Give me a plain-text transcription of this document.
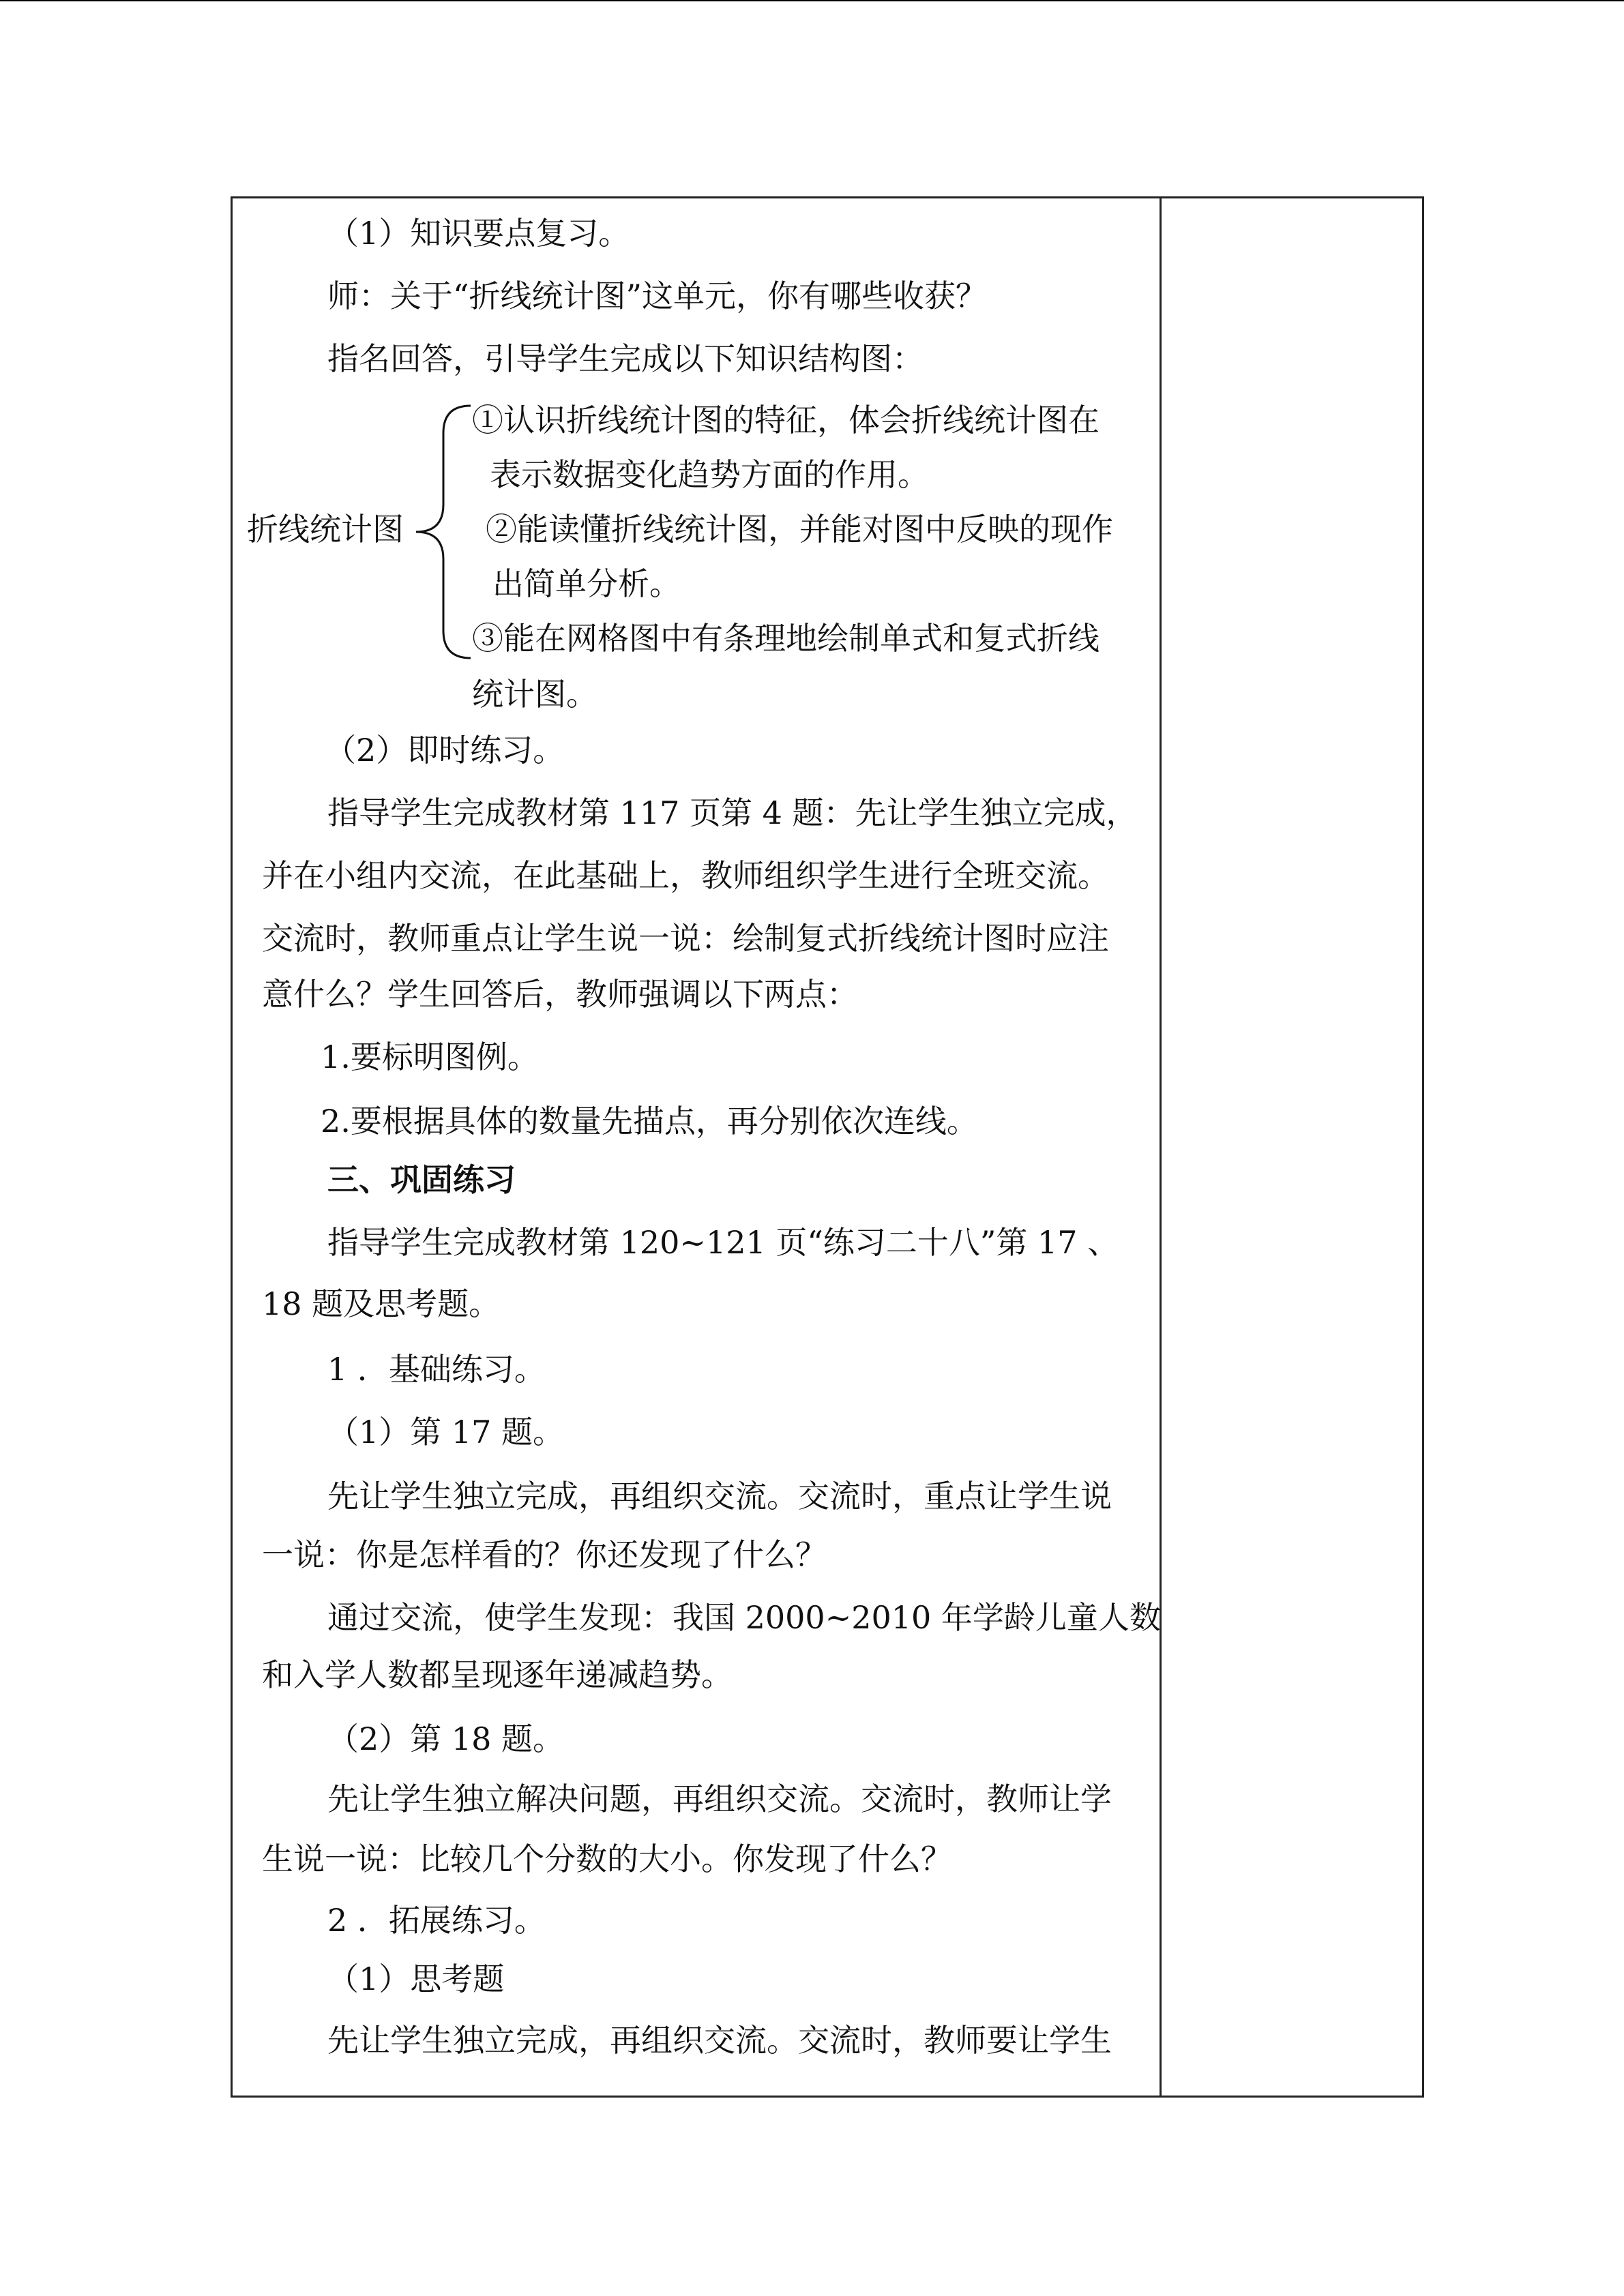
（1）知识要点复习。
师：关于“折线统计图”这单元，你有哪些收获？
指名回答，引导学生完成以下知识结构图：
①认识折线统计图的特征，体会折线统计图在
表示数据变化趋势方面的作用。
折线统计图	②能读懂折线统计图，并能对图中反映的现作
出简单分析。
③能在网格图中有条理地绘制单式和复式折线
统计图。
（2）即时练习。
指导学生完成教材第 117 页第 4 题：先让学生独立完成，
并在小组内交流，在此基础上，教师组织学生进行全班交流。
交流时，教师重点让学生说一说：绘制复式折线统计图时应注
意什么？学生回答后，教师强调以下两点：
1.要标明图例。
2.要根据具体的数量先描点，再分别依次连线。
三、巩固练习
指导学生完成教材第 120~121 页“练习二十八”第 17 、
18 题及思考题。
1 ．基础练习。
（1）第 17 题。
先让学生独立完成，再组织交流。交流时，重点让学生说
一说：你是怎样看的？你还发现了什么？
通过交流，使学生发现：我国 2000~2010 年学龄儿童人数
和入学人数都呈现逐年递减趋势。
（2）第 18 题。
先让学生独立解决问题，再组织交流。交流时，教师让学
生说一说：比较几个分数的大小。你发现了什么？
2 ．拓展练习。
（1）思考题
先让学生独立完成，再组织交流。交流时，教师要让学生
